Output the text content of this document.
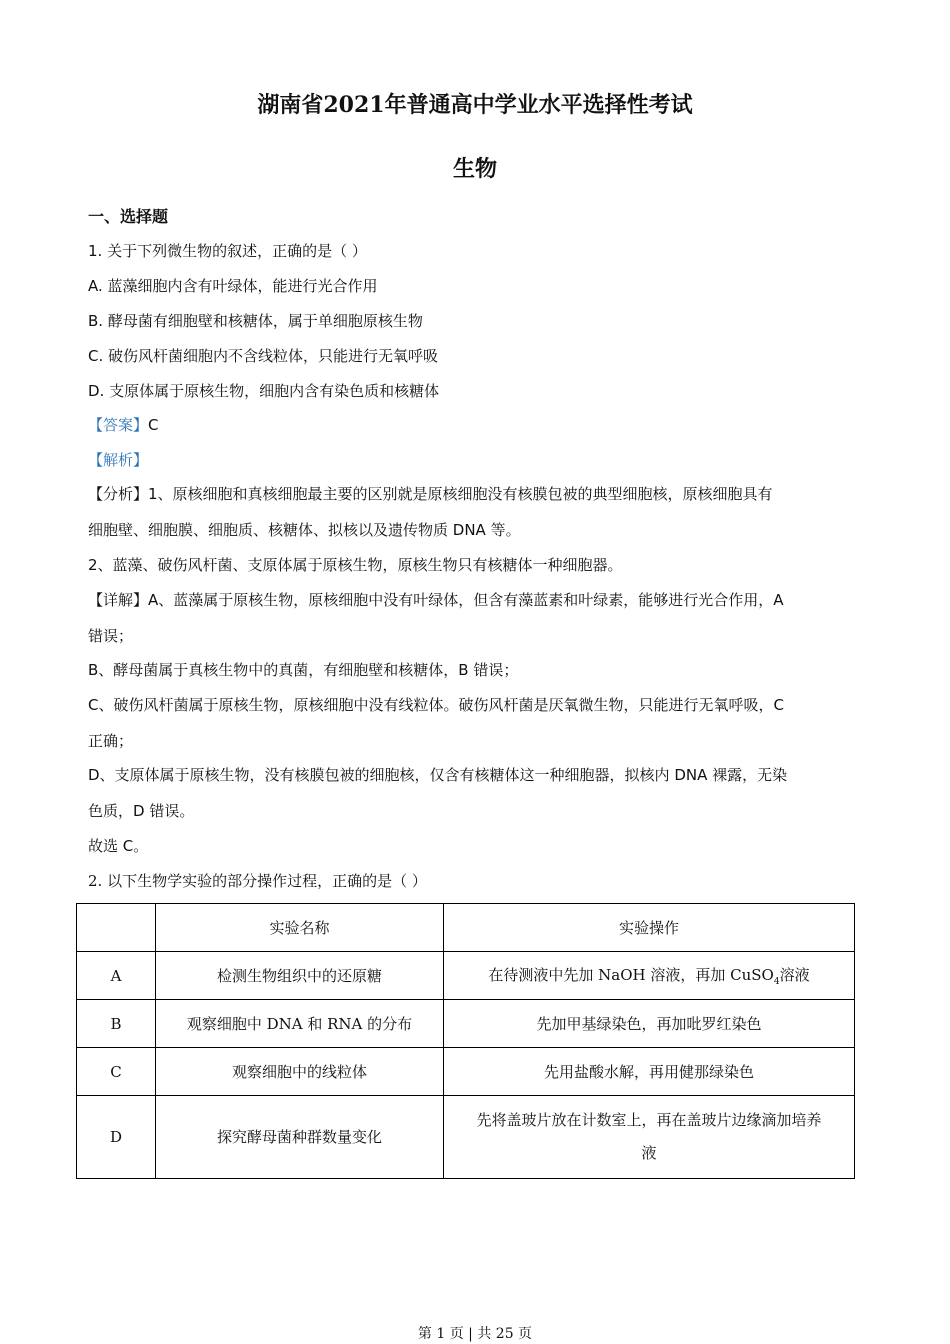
湖南省2021年普通高中学业水平选择性考试
生物
一、选择题
1. 关于下列微生物的叙述，正确的是（ ）
A. 蓝藻细胞内含有叶绿体，能进行光合作用
B. 酵母菌有细胞壁和核糖体，属于单细胞原核生物
C. 破伤风杆菌细胞内不含线粒体，只能进行无氧呼吸
D. 支原体属于原核生物，细胞内含有染色质和核糖体
【答案】C
【解析】
【分析】1、原核细胞和真核细胞最主要的区别就是原核细胞没有核膜包被的典型细胞核，原核细胞具有
细胞壁、细胞膜、细胞质、核糖体、拟核以及遗传物质 DNA 等。
2、蓝藻、破伤风杆菌、支原体属于原核生物，原核生物只有核糖体一种细胞器。
【详解】A、蓝藻属于原核生物，原核细胞中没有叶绿体，但含有藻蓝素和叶绿素，能够进行光合作用，A
错误；
B、酵母菌属于真核生物中的真菌，有细胞壁和核糖体，B 错误；
C、破伤风杆菌属于原核生物，原核细胞中没有线粒体。破伤风杆菌是厌氧微生物，只能进行无氧呼吸，C
正确；
D、支原体属于原核生物，没有核膜包被的细胞核，仅含有核糖体这一种细胞器，拟核内 DNA 裸露，无染
色质，D 错误。
故选 C。
2. 以下生物学实验的部分操作过程，正确的是（ ）
	实验名称	实验操作
A	检测生物组织中的还原糖	在待测液中先加 NaOH 溶液，再加 CuSO$_4$溶液
B	观察细胞中 DNA 和 RNA 的分布	先加甲基绿染色，再加吡罗红染色
C	观察细胞中的线粒体	先用盐酸水解，再用健那绿染色
D	探究酵母菌种群数量变化	先将盖玻片放在计数室上，再在盖玻片边缘滴加培养
液
第 1 页 | 共 25 页
